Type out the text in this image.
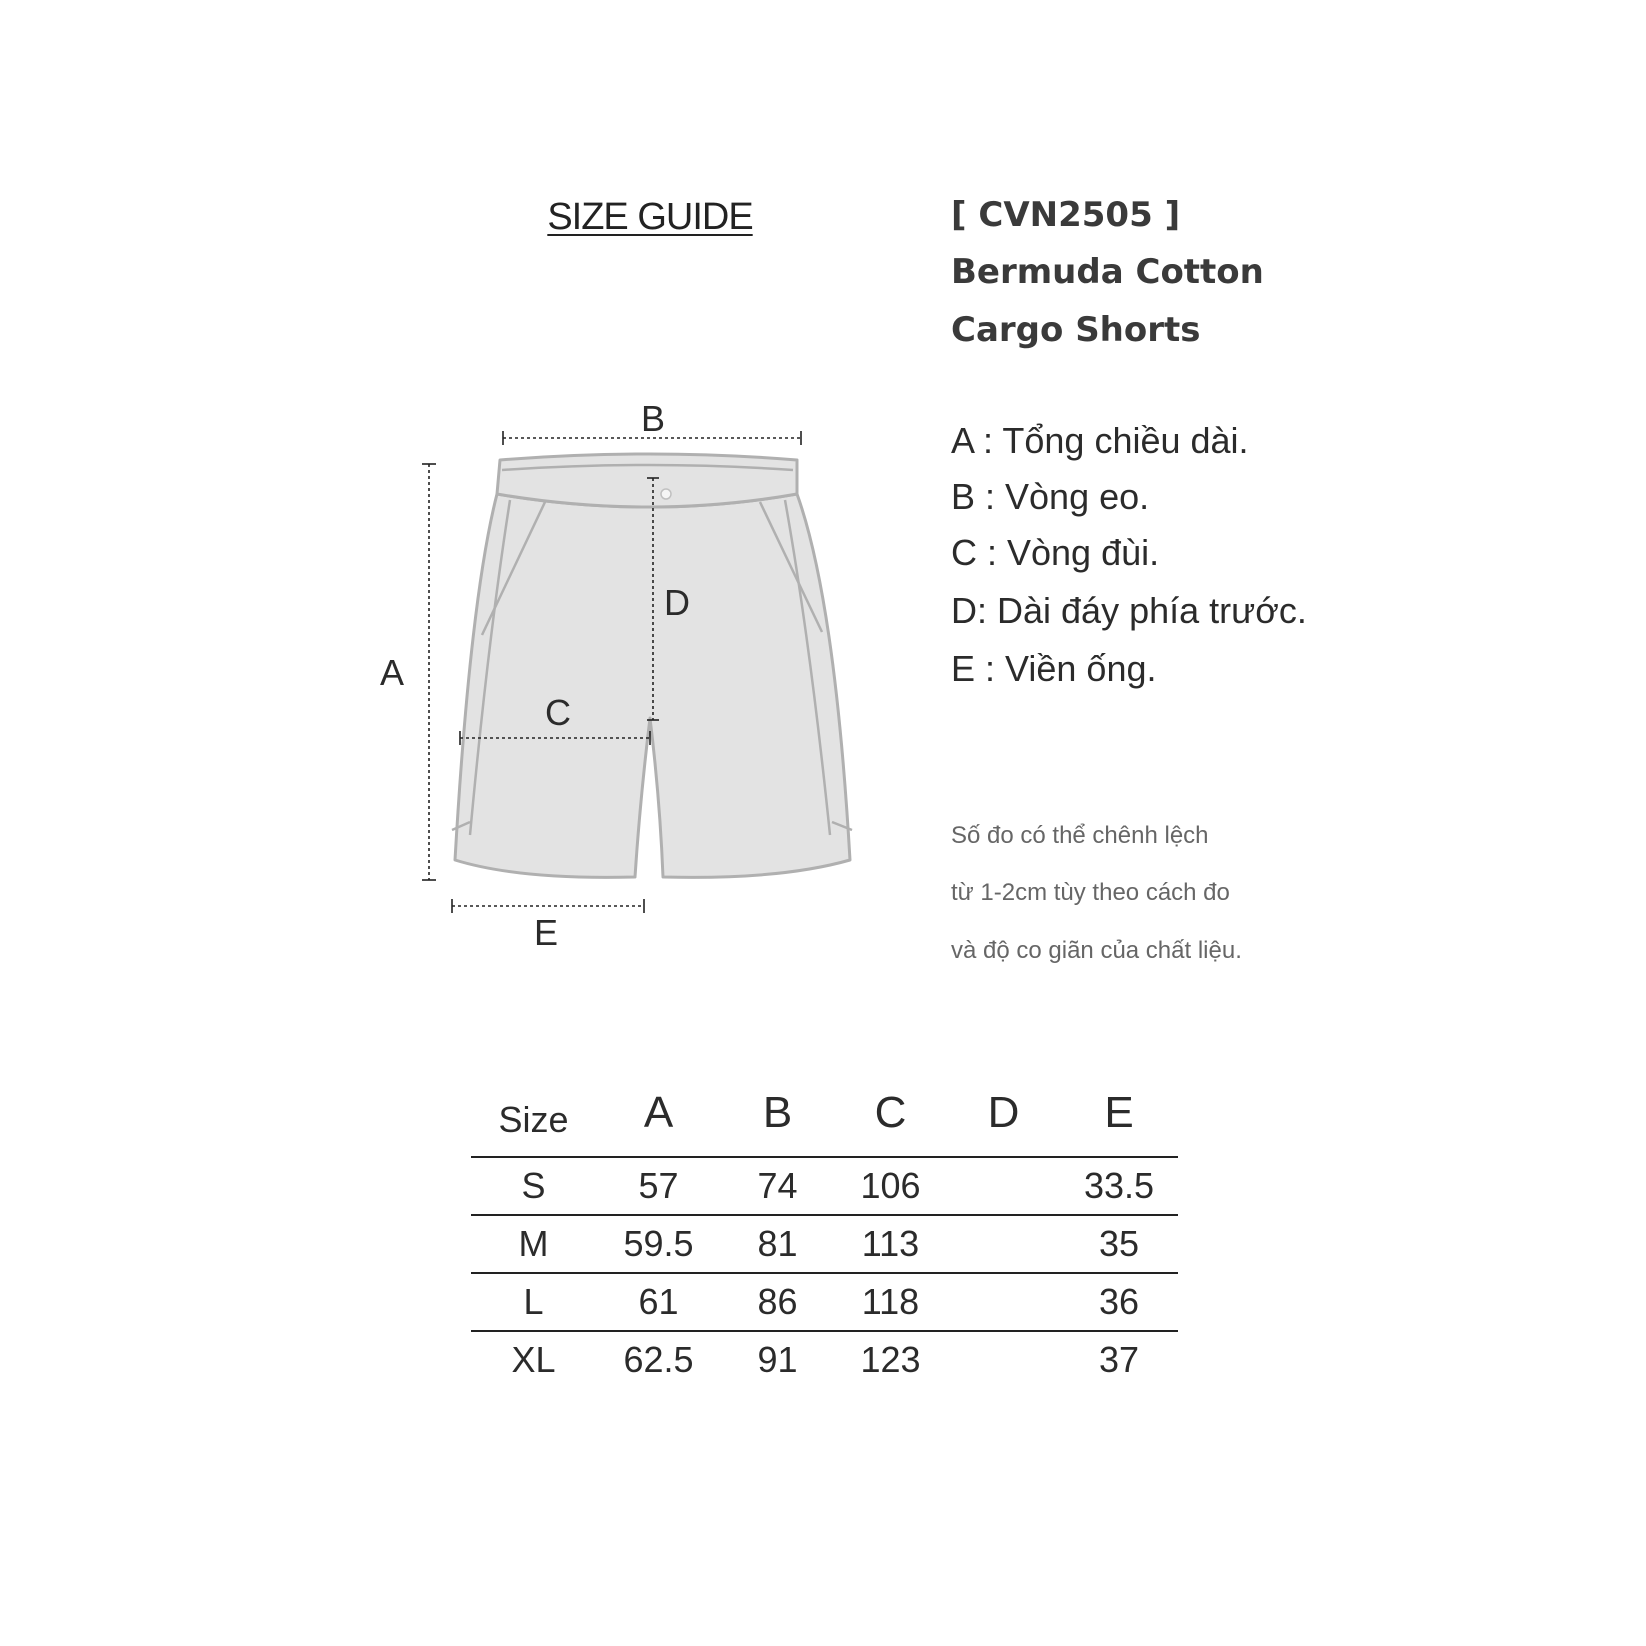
SIZE GUIDE	[ CVN2505 ]
Bermuda Cotton
Cargo Shorts
A : Tổng chiều dài.
B : Vòng eo.
C : Vòng đùi.
D: Dài đáy phía trước.
E : Viền ống.
Số đo có thể chênh lệch
từ 1-2cm tùy theo cách đo
và độ co giãn của chất liệu.
B
A
D
C
E
Size	A	B	C	D	E
S	57	74	106		33.5
M	59.5	81	113		35
L	61	86	118		36
XL	62.5	91	123		37
